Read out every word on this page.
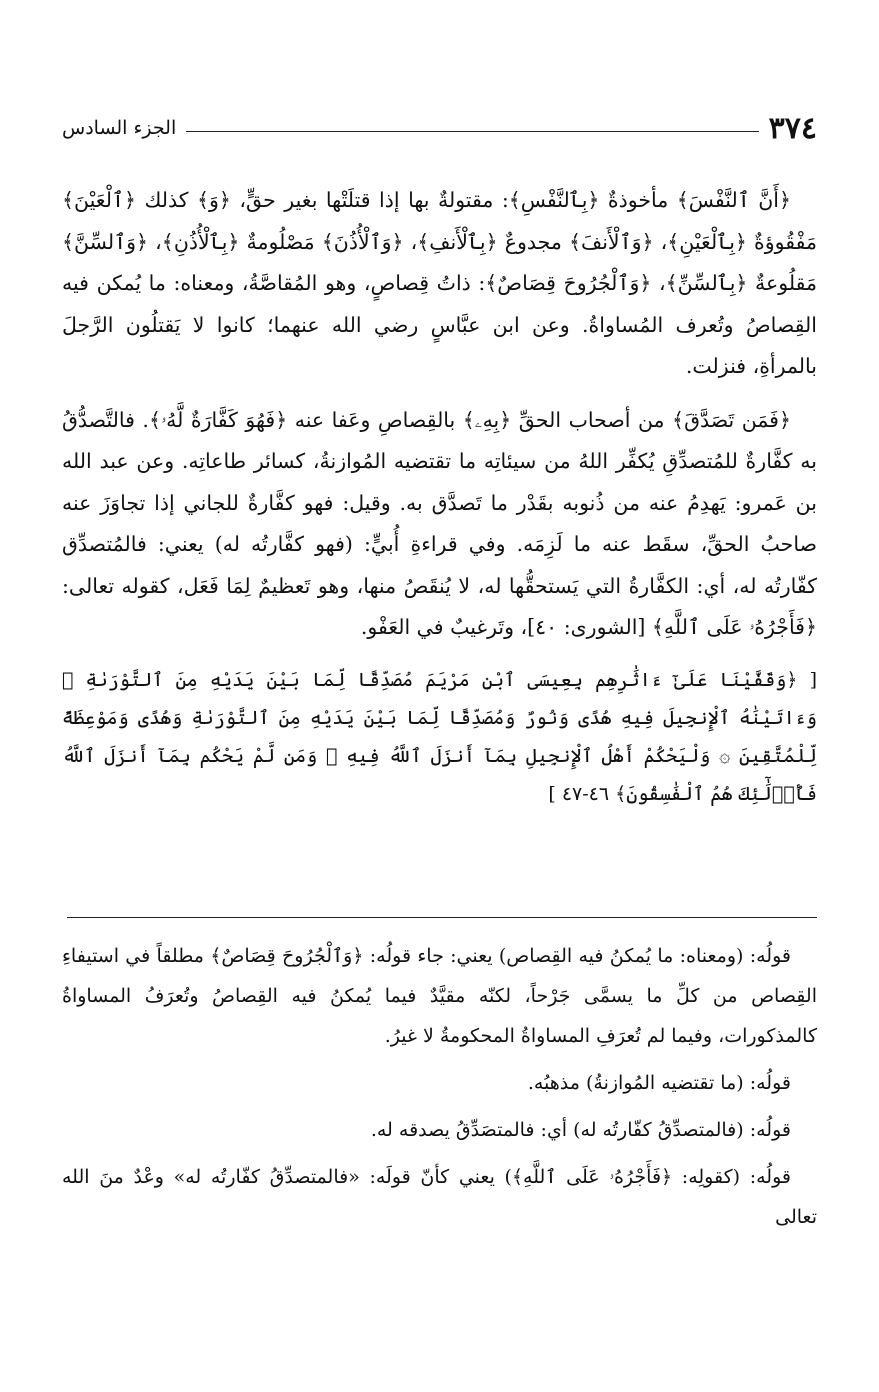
٣٧٤
الجزء السادس

﴿أَنَّ ٱلنَّفْسَ﴾ مأخوذةٌ ﴿بِٱلنَّفْسِ﴾: مقتولةٌ بها إذا قتلَتْها بغير حقٍّ، ﴿وَ﴾ كذلك ﴿ٱلْعَيْنَ﴾ مَفْقُوؤةٌ ﴿بِٱلْعَيْنِ﴾، ﴿وَٱلْأَنفَ﴾ مجدوعٌ ﴿بِٱلْأَنفِ﴾، ﴿وَٱلْأُذُنَ﴾ مَصْلُومةٌ ﴿بِٱلْأُذُنِ﴾، ﴿وَٱلسِّنَّ﴾ مَقلُوعةٌ ﴿بِٱلسِّنِّ﴾، ﴿وَٱلْجُرُوحَ قِصَاصٌ﴾: ذاتُ قِصاصٍ، وهو المُقاصَّةُ، ومعناه: ما يُمكن فيه القِصاصُ وتُعرف المُساواةُ. وعن ابن عبَّاسٍ رضي الله عنهما؛ كانوا لا يَقتلُون الرَّجلَ بالمرأةِ، فنزلت.

﴿فَمَن تَصَدَّقَ﴾ من أصحاب الحقِّ ﴿بِهِۦ﴾ بالقِصاصِ وعَفا عنه ﴿فَهُوَ كَفَّارَةٌ لَّهُۥ﴾. فالتَّصدُّقُ به كفَّارةٌ للمُتصدِّقِ يُكفِّر اللهُ من سيئاتِه ما تقتضيه المُوازنةُ، كسائر طاعاتِه. وعن عبد الله بن عَمرو: يَهدِمُ عنه من ذُنوبه بقَدْر ما تَصدَّق به. وقيل: فهو كفَّارةٌ للجاني إذا تجاوَزَ عنه صاحبُ الحقِّ، سقَط عنه ما لَزِمَه. وفي قراءةِ أُبيٍّ: (فهو كفَّارتُه له) يعني: فالمُتصدِّق كفّارتُه له، أي: الكفَّارةُ التي يَستحقُّها له، لا يُنقَصُ منها، وهو تَعظيمٌ لِمَا فَعَل، كقوله تعالى: ﴿فَأَجْرُهُۥ عَلَى ٱللَّهِ﴾ [الشورى: ٤٠]، وتَرغيبٌ في العَفْو.

[ ﴿وَقَفَّيْنَا عَلَىٰٓ ءَاثَٰرِهِم بِعِيسَى ٱبْنِ مَرْيَمَ مُصَدِّقًا لِّمَا بَيْنَ يَدَيْهِ مِنَ ٱلتَّوْرَىٰةِ ۖ وَءَاتَيْنَٰهُ ٱلْإِنجِيلَ فِيهِ هُدًى وَنُورٌ وَمُصَدِّقًا لِّمَا بَيْنَ يَدَيْهِ مِنَ ٱلتَّوْرَىٰةِ وَهُدًى وَمَوْعِظَةً لِّلْمُتَّقِينَ ۞ وَلْيَحْكُمْ أَهْلُ ٱلْإِنجِيلِ بِمَآ أَنزَلَ ٱللَّهُ فِيهِ ۚ وَمَن لَّمْ يَحْكُم بِمَآ أَنزَلَ ٱللَّهُ فَأُو۟لَٰٓئِكَ هُمُ ٱلْفَٰسِقُونَ﴾ ٤٦-٤٧ ]

قولُه: (ومعناه: ما يُمكنُ فيه القِصاص) يعني: جاء قولُه: ﴿وَٱلْجُرُوحَ قِصَاصٌ﴾ مطلقاً في استيفاءِ القِصاص من كلِّ ما يسمَّى جَرْحاً، لكنّه مقيَّدٌ فيما يُمكنُ فيه القِصاصُ وتُعرَفُ المساواةُ كالمذكورات، وفيما لم تُعرَفِ المساواةُ المحكومةُ لا غيرُ.

قولُه: (ما تقتضيه المُوازنةُ) مذهبُه.

قولُه: (فالمتصدِّقُ كفّارتُه له) أي: فالمتصَدِّقُ يصدقه له.

قولُه: (كقولِه: ﴿فَأَجْرُهُۥ عَلَى ٱللَّهِ﴾) يعني كأنّ قولَه: «فالمتصدِّقُ كفّارتُه له» وعْدٌ منَ الله تعالى
